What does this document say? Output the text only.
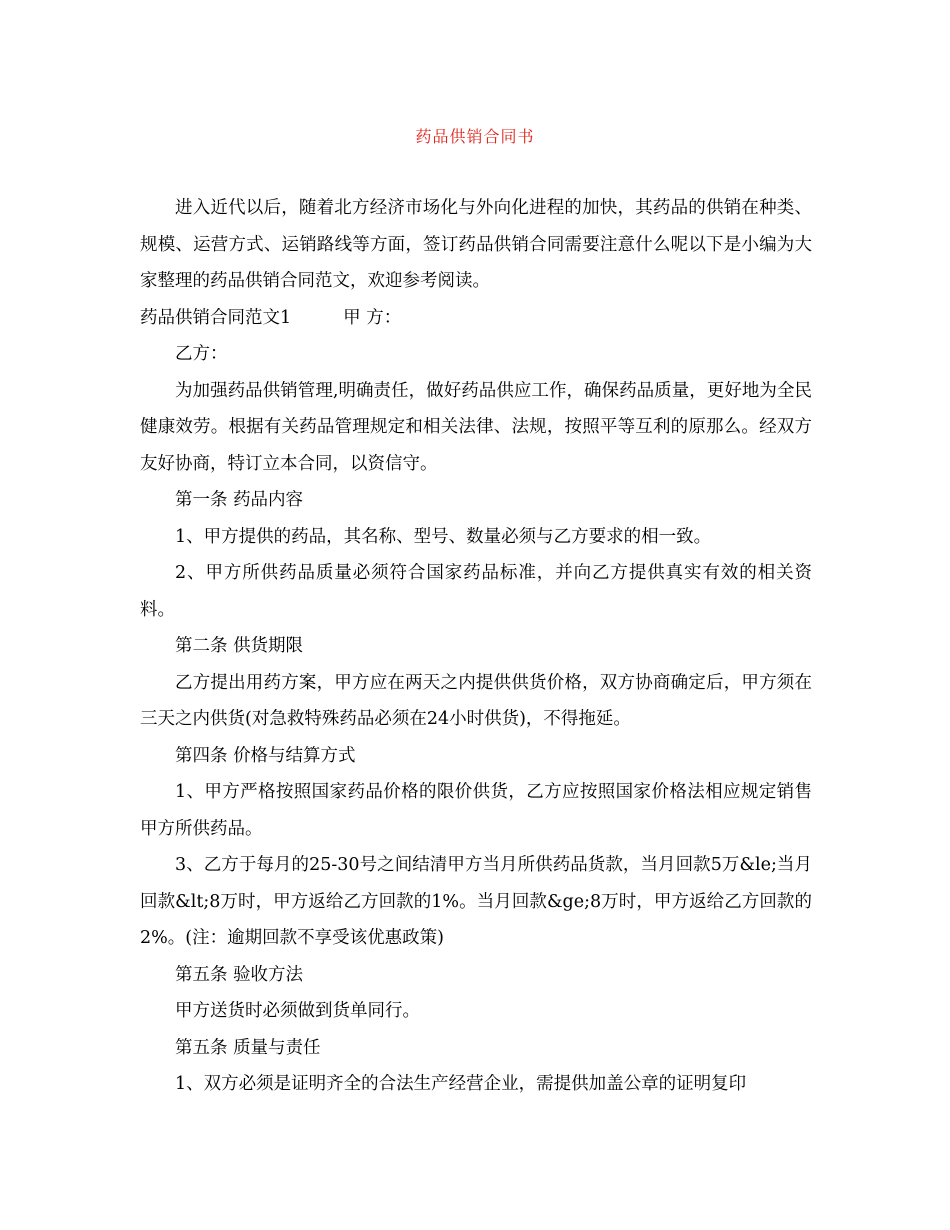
药品供销合同书

进入近代以后，随着北方经济市场化与外向化进程的加快，其药品的供销在种类、规模、运营方式、运销路线等方面，签订药品供销合同需要注意什么呢以下是小编为大家整理的药品供销合同范文，欢迎参考阅读。

药品供销合同范文1	甲 方：

乙方：

为加强药品供销管理,明确责任，做好药品供应工作，确保药品质量，更好地为全民健康效劳。根据有关药品管理规定和相关法律、法规，按照平等互利的原那么。经双方友好协商，特订立本合同，以资信守。

第一条 药品内容

1、甲方提供的药品，其名称、型号、数量必须与乙方要求的相一致。

2、甲方所供药品质量必须符合国家药品标准，并向乙方提供真实有效的相关资料。

第二条 供货期限

乙方提出用药方案，甲方应在两天之内提供供货价格，双方协商确定后，甲方须在三天之内供货(对急救特殊药品必须在24小时供货)，不得拖延。

第四条 价格与结算方式

1、甲方严格按照国家药品价格的限价供货，乙方应按照国家价格法相应规定销售甲方所供药品。

3、乙方于每月的25-30号之间结清甲方当月所供药品货款，当月回款5万&le;当月回款&lt;8万时，甲方返给乙方回款的1%。当月回款&ge;8万时，甲方返给乙方回款的2%。(注：逾期回款不享受该优惠政策)

第五条 验收方法

甲方送货时必须做到货单同行。

第五条 质量与责任

1、双方必须是证明齐全的合法生产经营企业，需提供加盖公章的证明复印
